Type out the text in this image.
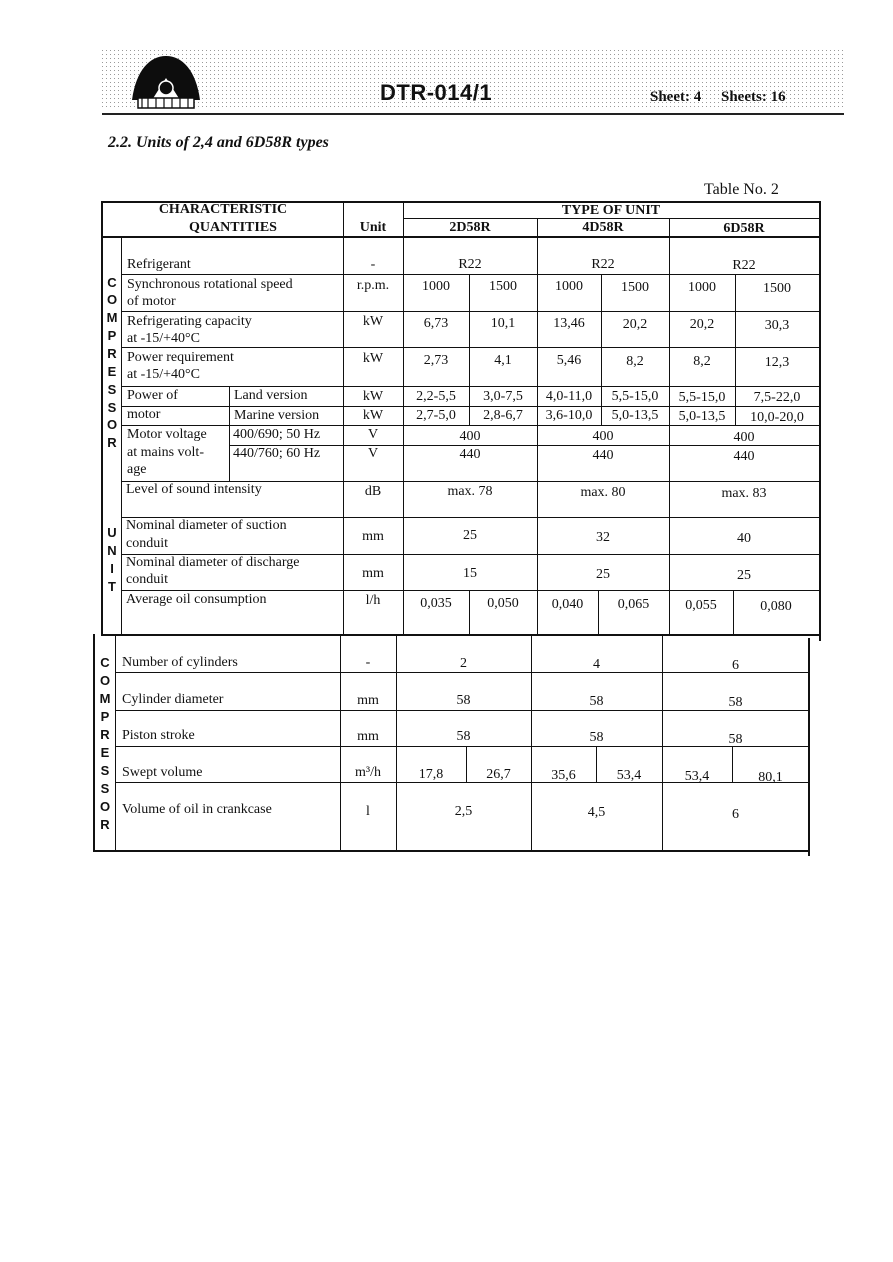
DTR-014/1	Sheet: 4 Sheets: 16
2.2. Units of 2,4 and 6D58R types
Table No. 2
CHARACTERISTIC
QUANTITIES	Unit
TYPE OF UNIT
2D58R	4D58R	6D58R
C
O
M
P
R
E
S
S
O
R
U
N
I
T
C
O
M
P
R
E
S
S
O
R
Refrigerant	-	R22	R22	R22
Synchronous rotational speed
of motor
r.p.m.	1000	1500	1000	1500	1000	1500
Refrigerating capacity
at -15/+40°C
kW	6,73	10,1	13,46	20,2	20,2	30,3
Power requirement
at -15/+40°C
kW	2,73	4,1	5,46	8,2	8,2	12,3
Power of
motor
Land version	kW	2,2-5,5	3,0-7,5	4,0-11,0	5,5-15,0	5,5-15,0	7,5-22,0
Marine version	kW	2,7-5,0	2,8-6,7	3,6-10,0	5,0-13,5	5,0-13,5	10,0-20,0
Motor voltage
at mains volt-
age
400/690; 50 Hz	V	400	400	400
440/760; 60 Hz	V	440	440	440
Level of sound intensity	dB	max. 78	max. 80	max. 83
Nominal diameter of suction
conduit	mm	25	32	40
Nominal diameter of discharge
conduit	mm	15	25	25
Average oil consumption	l/h	0,035	0,050	0,040	0,065	0,055	0,080
Number of cylinders	-	2	4	6
Cylinder diameter	mm	58	58	58
Piston stroke	mm	58	58	58
Swept volume	m³/h	17,8	26,7	35,6	53,4	53,4	80,1
Volume of oil in crankcase	l	2,5	4,5	6
